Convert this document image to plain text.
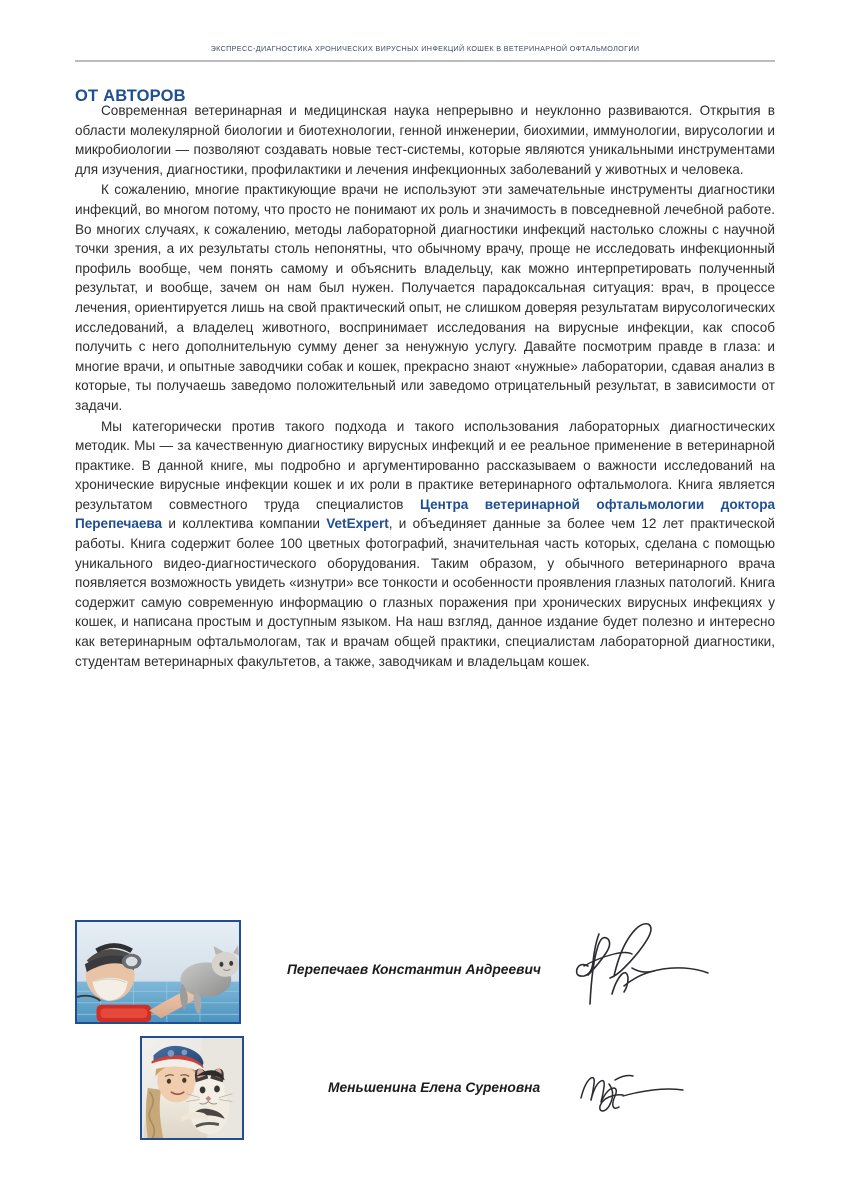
ЭКСПРЕСС-ДИАГНОСТИКА ХРОНИЧЕСКИХ ВИРУСНЫХ ИНФЕКЦИЙ КОШЕК В ВЕТЕРИНАРНОЙ ОФТАЛЬМОЛОГИИ
ОТ АВТОРОВ

Современная ветеринарная и медицинская наука непрерывно и неуклонно развиваются. Открытия в области молекулярной биологии и биотехнологии, генной инженерии, биохимии, иммунологии, вирусологии и микробиологии — позволяют создавать новые тест-системы, которые являются уникальными инструментами для изучения, диагностики, профилактики и лечения инфекционных заболеваний у животных и человека.

К сожалению, многие практикующие врачи не используют эти замечательные инструменты диагностики инфекций, во многом потому, что просто не понимают их роль и значимость в повседневной лечебной работе. Во многих случаях, к сожалению, методы лабораторной диагностики инфекций настолько сложны с научной точки зрения, а их результаты столь непонятны, что обычному врачу, проще не исследовать инфекционный профиль вообще, чем понять самому и объяснить владельцу, как можно интерпретировать полученный результат, и вообще, зачем он нам был нужен. Получается парадоксальная ситуация: врач, в процессе лечения, ориентируется лишь на свой практический опыт, не слишком доверяя результатам вирусологических исследований, а владелец животного, воспринимает исследования на вирусные инфекции, как способ получить с него дополнительную сумму денег за ненужную услугу. Давайте посмотрим правде в глаза: и многие врачи, и опытные заводчики собак и кошек, прекрасно знают «нужные» лаборатории, сдавая анализ в которые, ты получаешь заведомо положительный или заведомо отрицательный результат, в зависимости от задачи.

Мы категорически против такого подхода и такого использования лабораторных диагностических методик. Мы — за качественную диагностику вирусных инфекций и ее реальное применение в ветеринарной практике. В данной книге, мы подробно и аргументированно рассказываем о важности исследований на хронические вирусные инфекции кошек и их роли в практике ветеринарного офтальмолога. Книга является результатом совместного труда специалистов Центра ветеринарной офтальмологии доктора Перепечаева и коллектива компании VetExpert, и объединяет данные за более чем 12 лет практической работы. Книга содержит более 100 цветных фотографий, значительная часть которых, сделана с помощью уникального видео-диагностического оборудования. Таким образом, у обычного ветеринарного врача появляется возможность увидеть «изнутри» все тонкости и особенности проявления глазных патологий. Книга содержит самую современную информацию о глазных поражения при хронических вирусных инфекциях у кошек, и написана простым и доступным языком. На наш взгляд, данное издание будет полезно и интересно как ветеринарным офтальмологам, так и врачам общей практики, специалистам лабораторной диагностики, студентам ветеринарных факультетов, а также, заводчикам и владельцам кошек.

Перепечаев Константин Андреевич
Меньшенина Елена Суреновна
